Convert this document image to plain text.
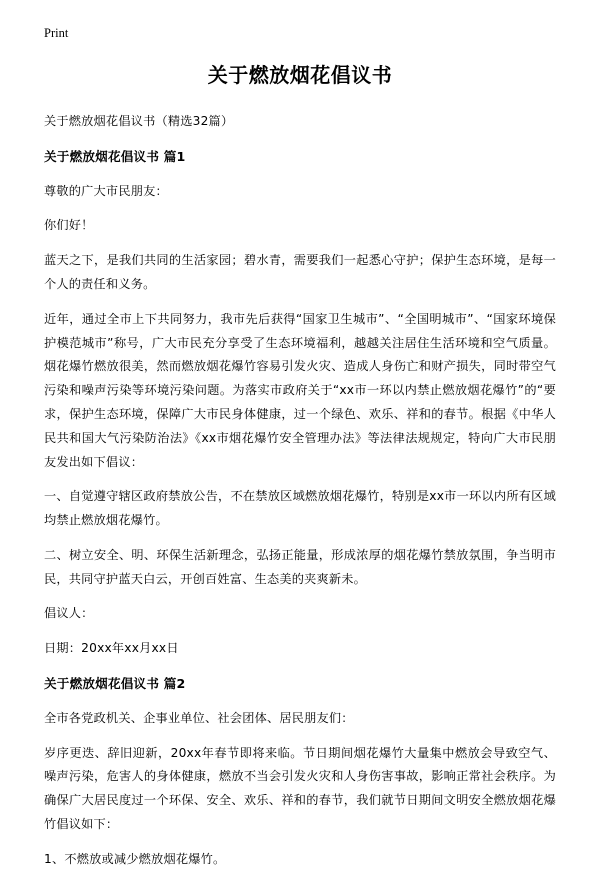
Print
关于燃放烟花倡议书
关于燃放烟花倡议书（精选32篇）
关于燃放烟花倡议书 篇1
尊敬的广大市民朋友：
你们好！
蓝天之下，是我们共同的生活家园；碧水青，需要我们一起悉心守护；保护生态环境，是每一个人的责任和义务。
近年，通过全市上下共同努力，我市先后获得“国家卫生城市”、“全国明城市”、“国家环境保护模范城市”称号，广大市民充分享受了生态环境福利，越越关注居住生活环境和空气质量。烟花爆竹燃放很美，然而燃放烟花爆竹容易引发火灾、造成人身伤亡和财产损失，同时带空气污染和噪声污染等环境污染问题。为落实市政府关于“xx市一环以内禁止燃放烟花爆竹”的“要求，保护生态环境，保障广大市民身体健康，过一个绿色、欢乐、祥和的春节。根据《中华人民共和国大气污染防治法》《xx市烟花爆竹安全管理办法》等法律法规规定，特向广大市民朋友发出如下倡议：
一、自觉遵守辖区政府禁放公告，不在禁放区域燃放烟花爆竹，特别是xx市一环以内所有区域均禁止燃放烟花爆竹。
二、树立安全、明、环保生活新理念，弘扬正能量，形成浓厚的烟花爆竹禁放氛围，争当明市民，共同守护蓝天白云，开创百姓富、生态美的夹爽新未。
倡议人：
日期：20xx年xx月xx日
关于燃放烟花倡议书 篇2
全市各党政机关、企事业单位、社会团体、居民朋友们：
岁序更迭、辞旧迎新，20xx年春节即将来临。节日期间烟花爆竹大量集中燃放会导致空气、噪声污染，危害人的身体健康，燃放不当会引发火灾和人身伤害事故，影响正常社会秩序。为确保广大居民度过一个环保、安全、欢乐、祥和的春节，我们就节日期间文明安全燃放烟花爆竹倡议如下：
1、不燃放或减少燃放烟花爆竹。
